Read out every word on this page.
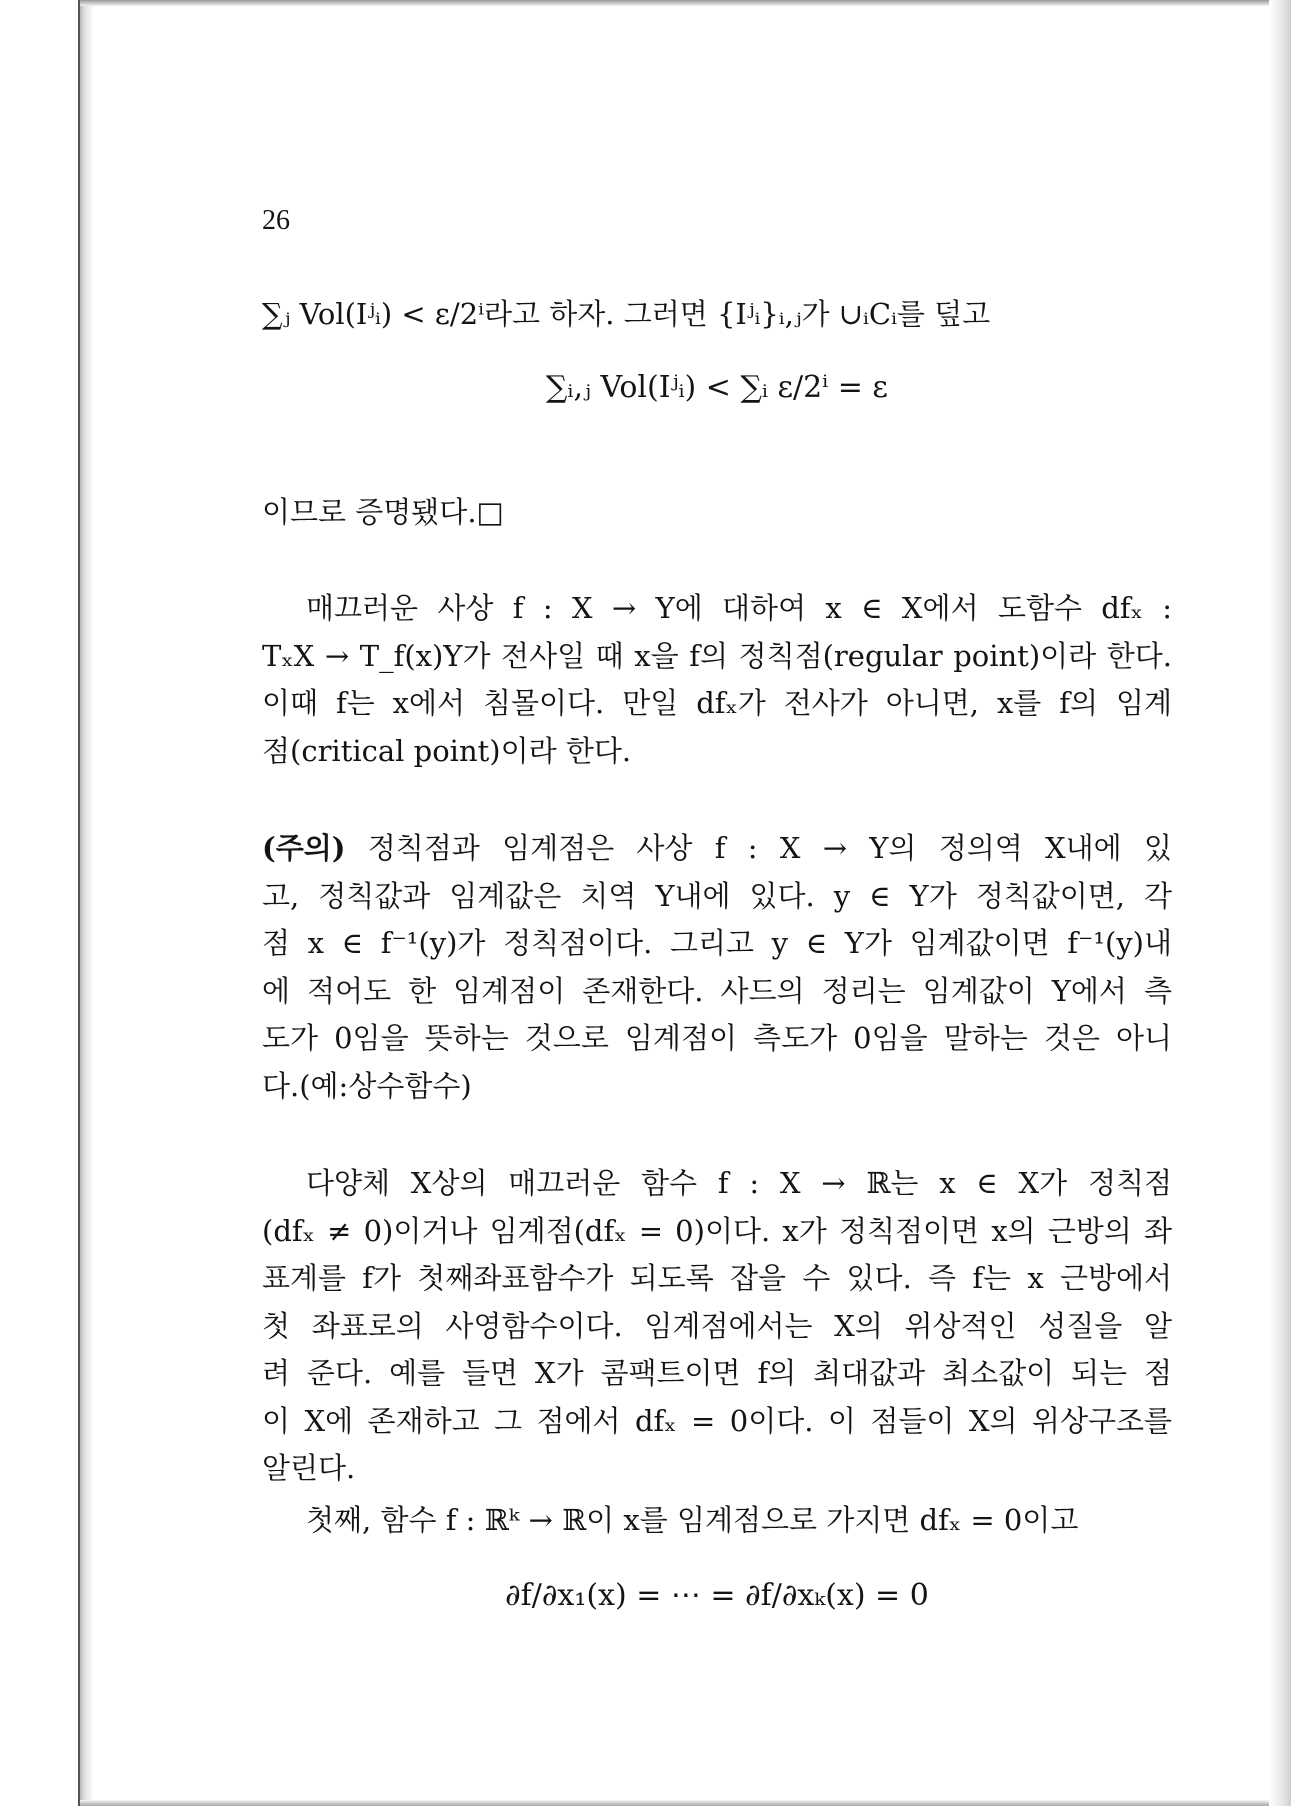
26
∑ⱼ Vol(Iʲᵢ) < ε/2ⁱ라고 하자. 그러면 {Iʲᵢ}ᵢ,ⱼ가 ∪ᵢCᵢ를 덮고
∑ᵢ,ⱼ Vol(Iʲᵢ) < ∑ᵢ ε/2ⁱ = ε
이므로 증명됐다.□
매끄러운 사상 f : X → Y에 대하여 x ∈ X에서 도함수 dfₓ :
TₓX → T_f(x)Y가 전사일 때 x을 f의 정칙점(regular point)이라 한다.
이때 f는 x에서 침몰이다. 만일 dfₓ가 전사가 아니면, x를 f의 임계
점(critical point)이라 한다.
(주의) 정칙점과 임계점은 사상 f : X → Y의 정의역 X내에 있
고, 정칙값과 임계값은 치역 Y내에 있다. y ∈ Y가 정칙값이면, 각
점 x ∈ f⁻¹(y)가 정칙점이다. 그리고 y ∈ Y가 임계값이면 f⁻¹(y)내
에 적어도 한 임계점이 존재한다. 사드의 정리는 임계값이 Y에서 측
도가 0임을 뜻하는 것으로 임계점이 측도가 0임을 말하는 것은 아니
다.(예:상수함수)
다양체 X상의 매끄러운 함수 f : X → ℝ는 x ∈ X가 정칙점
(dfₓ ≠ 0)이거나 임계점(dfₓ = 0)이다. x가 정칙점이면 x의 근방의 좌
표계를 f가 첫째좌표함수가 되도록 잡을 수 있다. 즉 f는 x 근방에서
첫 좌표로의 사영함수이다. 임계점에서는 X의 위상적인 성질을 알
려 준다. 예를 들면 X가 콤팩트이면 f의 최대값과 최소값이 되는 점
이 X에 존재하고 그 점에서 dfₓ = 0이다. 이 점들이 X의 위상구조를
알린다.
첫째, 함수 f : ℝᵏ → ℝ이 x를 임계점으로 가지면 dfₓ = 0이고
∂f/∂x₁(x) = ⋯ = ∂f/∂xₖ(x) = 0
